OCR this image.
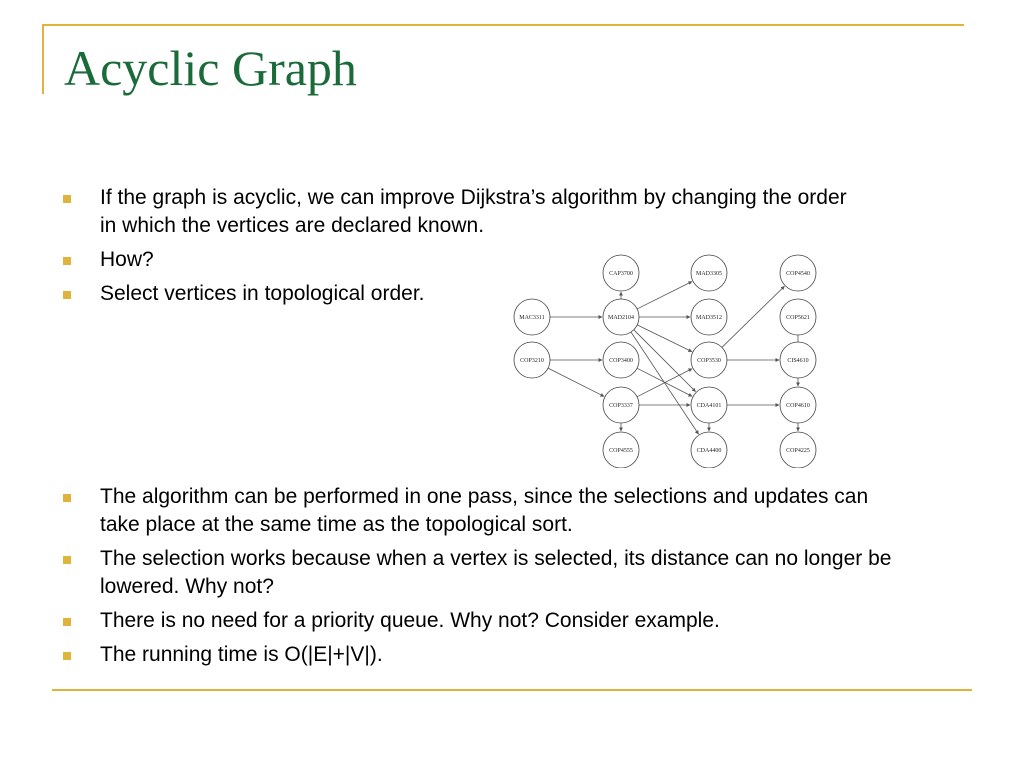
Acyclic Graph
If the graph is acyclic, we can improve Dijkstra’s algorithm by changing the order in which the vertices are declared known.
How?
Select vertices in topological order.
CAP3700	MAD3305	COP4540
MAC3311	MAD2104	MAD3512	COP5621
COP3210	COP3400	COP3530	CIS4610
COP3337	CDA4101	COP4610
COP4555	CDA4400	COP4225
The algorithm can be performed in one pass, since the selections and updates can take place at the same time as the topological sort.
The selection works because when a vertex is selected, its distance can no longer be lowered. Why not?
There is no need for a priority queue. Why not? Consider example.
The running time is O(|E|+|V|).
